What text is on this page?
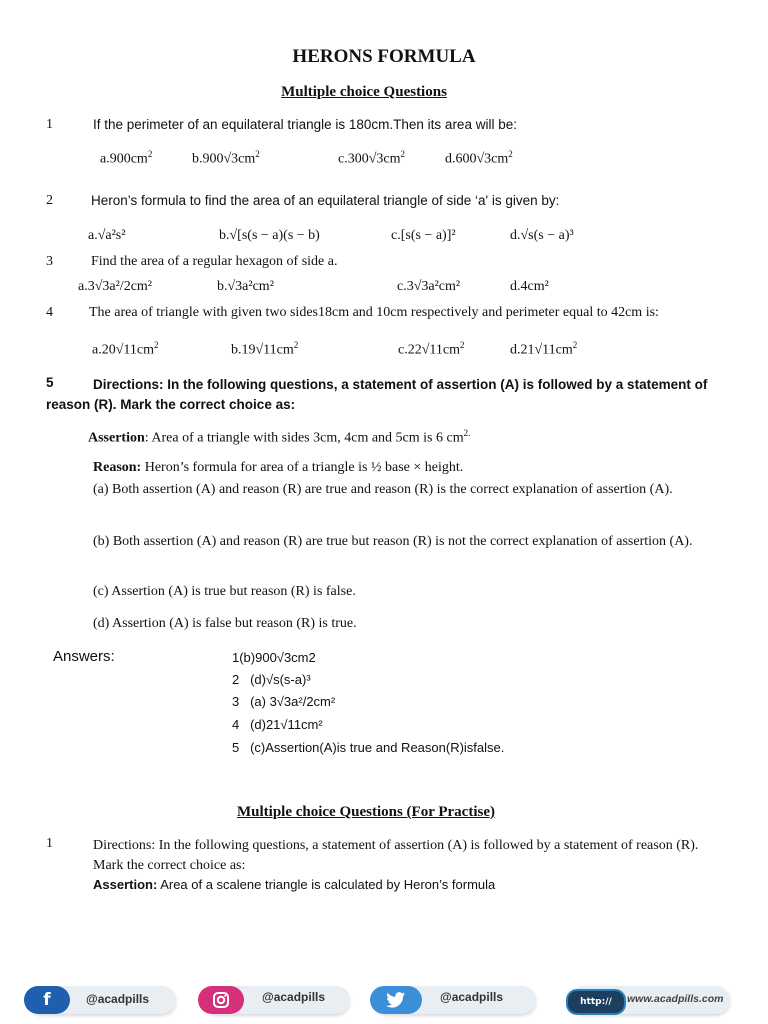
HERONS FORMULA
Multiple choice Questions
1	If the perimeter of an equilateral triangle is 180cm.Then its area will be:
$a.900cm^2$	$b.900√3cm^2$	$c.300√3cm^2$	$d.600√3cm^2$
2	Heron’s formula to find the area of an equilateral triangle of side ‘a' is given by:
a.√a²s²	b.√[s(s − a)(s − b)	c.[s(s − a)]²	d.√s(s − a)³
3	Find the area of a regular hexagon of side a.
a.3√3a²/2cm²	b.√3a²cm²	c.3√3a²cm²	d.4cm²
4	The area of triangle with given two sides18cm and 10cm respectively and perimeter equal to 42cm is:
$a.20√11cm^2$	$b.19√11cm^2$	$c.22√11cm^2$	$d.21√11cm^2$
5	Directions: In the following questions, a statement of assertion (A) is followed by a statement of reason (R). Mark the correct choice as:
Assertion: Area of a triangle with sides 3cm, 4cm and 5cm is 6 $cm^{2.}$
Reason: Heron’s formula for area of a triangle is ½ base × height.
(a) Both assertion (A) and reason (R) are true and reason (R) is the correct explanation of assertion (A).
(b) Both assertion (A) and reason (R) are true but reason (R) is not the correct explanation of assertion (A).
(c) Assertion (A) is true but reason (R) is false.
(d) Assertion (A) is false but reason (R) is true.
Answers:	1(b)900√3cm2
2   (d)√s(s-a)³
3   (a) 3√3a²/2cm²
4   (d)21√11cm²
5   (c)Assertion(A)is true and Reason(R)isfalse.
Multiple choice Questions (For Practise)
1	Directions: In the following questions, a statement of assertion (A) is followed by a statement of reason (R). Mark the correct choice as:
Assertion: Area of a scalene triangle is calculated by Heron’s formula
f	@acadpills	@acadpills	@acadpills	http:// www.acadpills.com
